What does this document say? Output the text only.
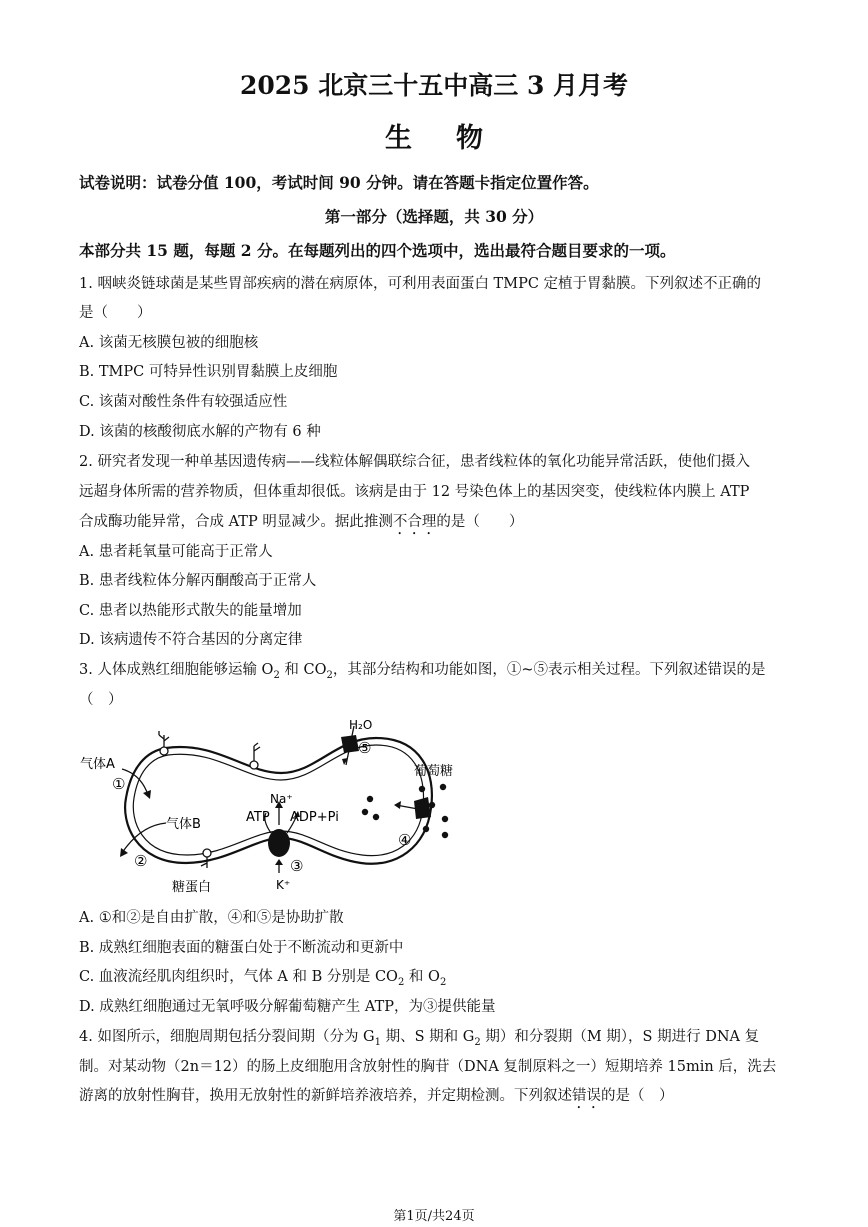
2025 北京三十五中高三 3 月月考
生物
试卷说明：试卷分值 100，考试时间 90 分钟。请在答题卡指定位置作答。
第一部分（选择题，共 30 分）
本部分共 15 题，每题 2 分。在每题列出的四个选项中，选出最符合题目要求的一项。
1. 咽峡炎链球菌是某些胃部疾病的潜在病原体，可利用表面蛋白 TMPC 定植于胃黏膜。下列叙述不正确的
是（　　）
A. 该菌无核膜包被的细胞核
B. TMPC 可特异性识别胃黏膜上皮细胞
C. 该菌对酸性条件有较强适应性
D. 该菌的核酸彻底水解的产物有 6 种
2. 研究者发现一种单基因遗传病——线粒体解偶联综合征，患者线粒体的氧化功能异常活跃，使他们摄入
远超身体所需的营养物质，但体重却很低。该病是由于 12 号染色体上的基因突变，使线粒体内膜上 ATP
合成酶功能异常，合成 ATP 明显减少。据此推测不合理的是（　　）
A. 患者耗氧量可能高于正常人
B. 患者线粒体分解丙酮酸高于正常人
C. 患者以热能形式散失的能量增加
D. 该病遗传不符合基因的分离定律
3. 人体成熟红细胞能够运输 $O_2$ 和 $CO_2$，其部分结构和功能如图，①~⑤表示相关过程。下列叙述错误的是
（　）
H₂O
⑤
④
葡萄糖
Na⁺
K⁺
ATP ADP+Pi
③
气体A
①
气体B
②
糖蛋白
A. ①和②是自由扩散，④和⑤是协助扩散
B. 成熟红细胞表面的糖蛋白处于不断流动和更新中
C. 血液流经肌肉组织时，气体 A 和 B 分别是 $CO_2$ 和 $O_2$
D. 成熟红细胞通过无氧呼吸分解葡萄糖产生 ATP，为③提供能量
4. 如图所示，细胞周期包括分裂间期（分为 $G_1$ 期、S 期和 $G_2$ 期）和分裂期（M 期），S 期进行 DNA 复
制。对某动物（2n＝12）的肠上皮细胞用含放射性的胸苷（DNA 复制原料之一）短期培养 15min 后，洗去
游离的放射性胸苷，换用无放射性的新鲜培养液培养，并定期检测。下列叙述错误的是（　）
第1页/共24页
